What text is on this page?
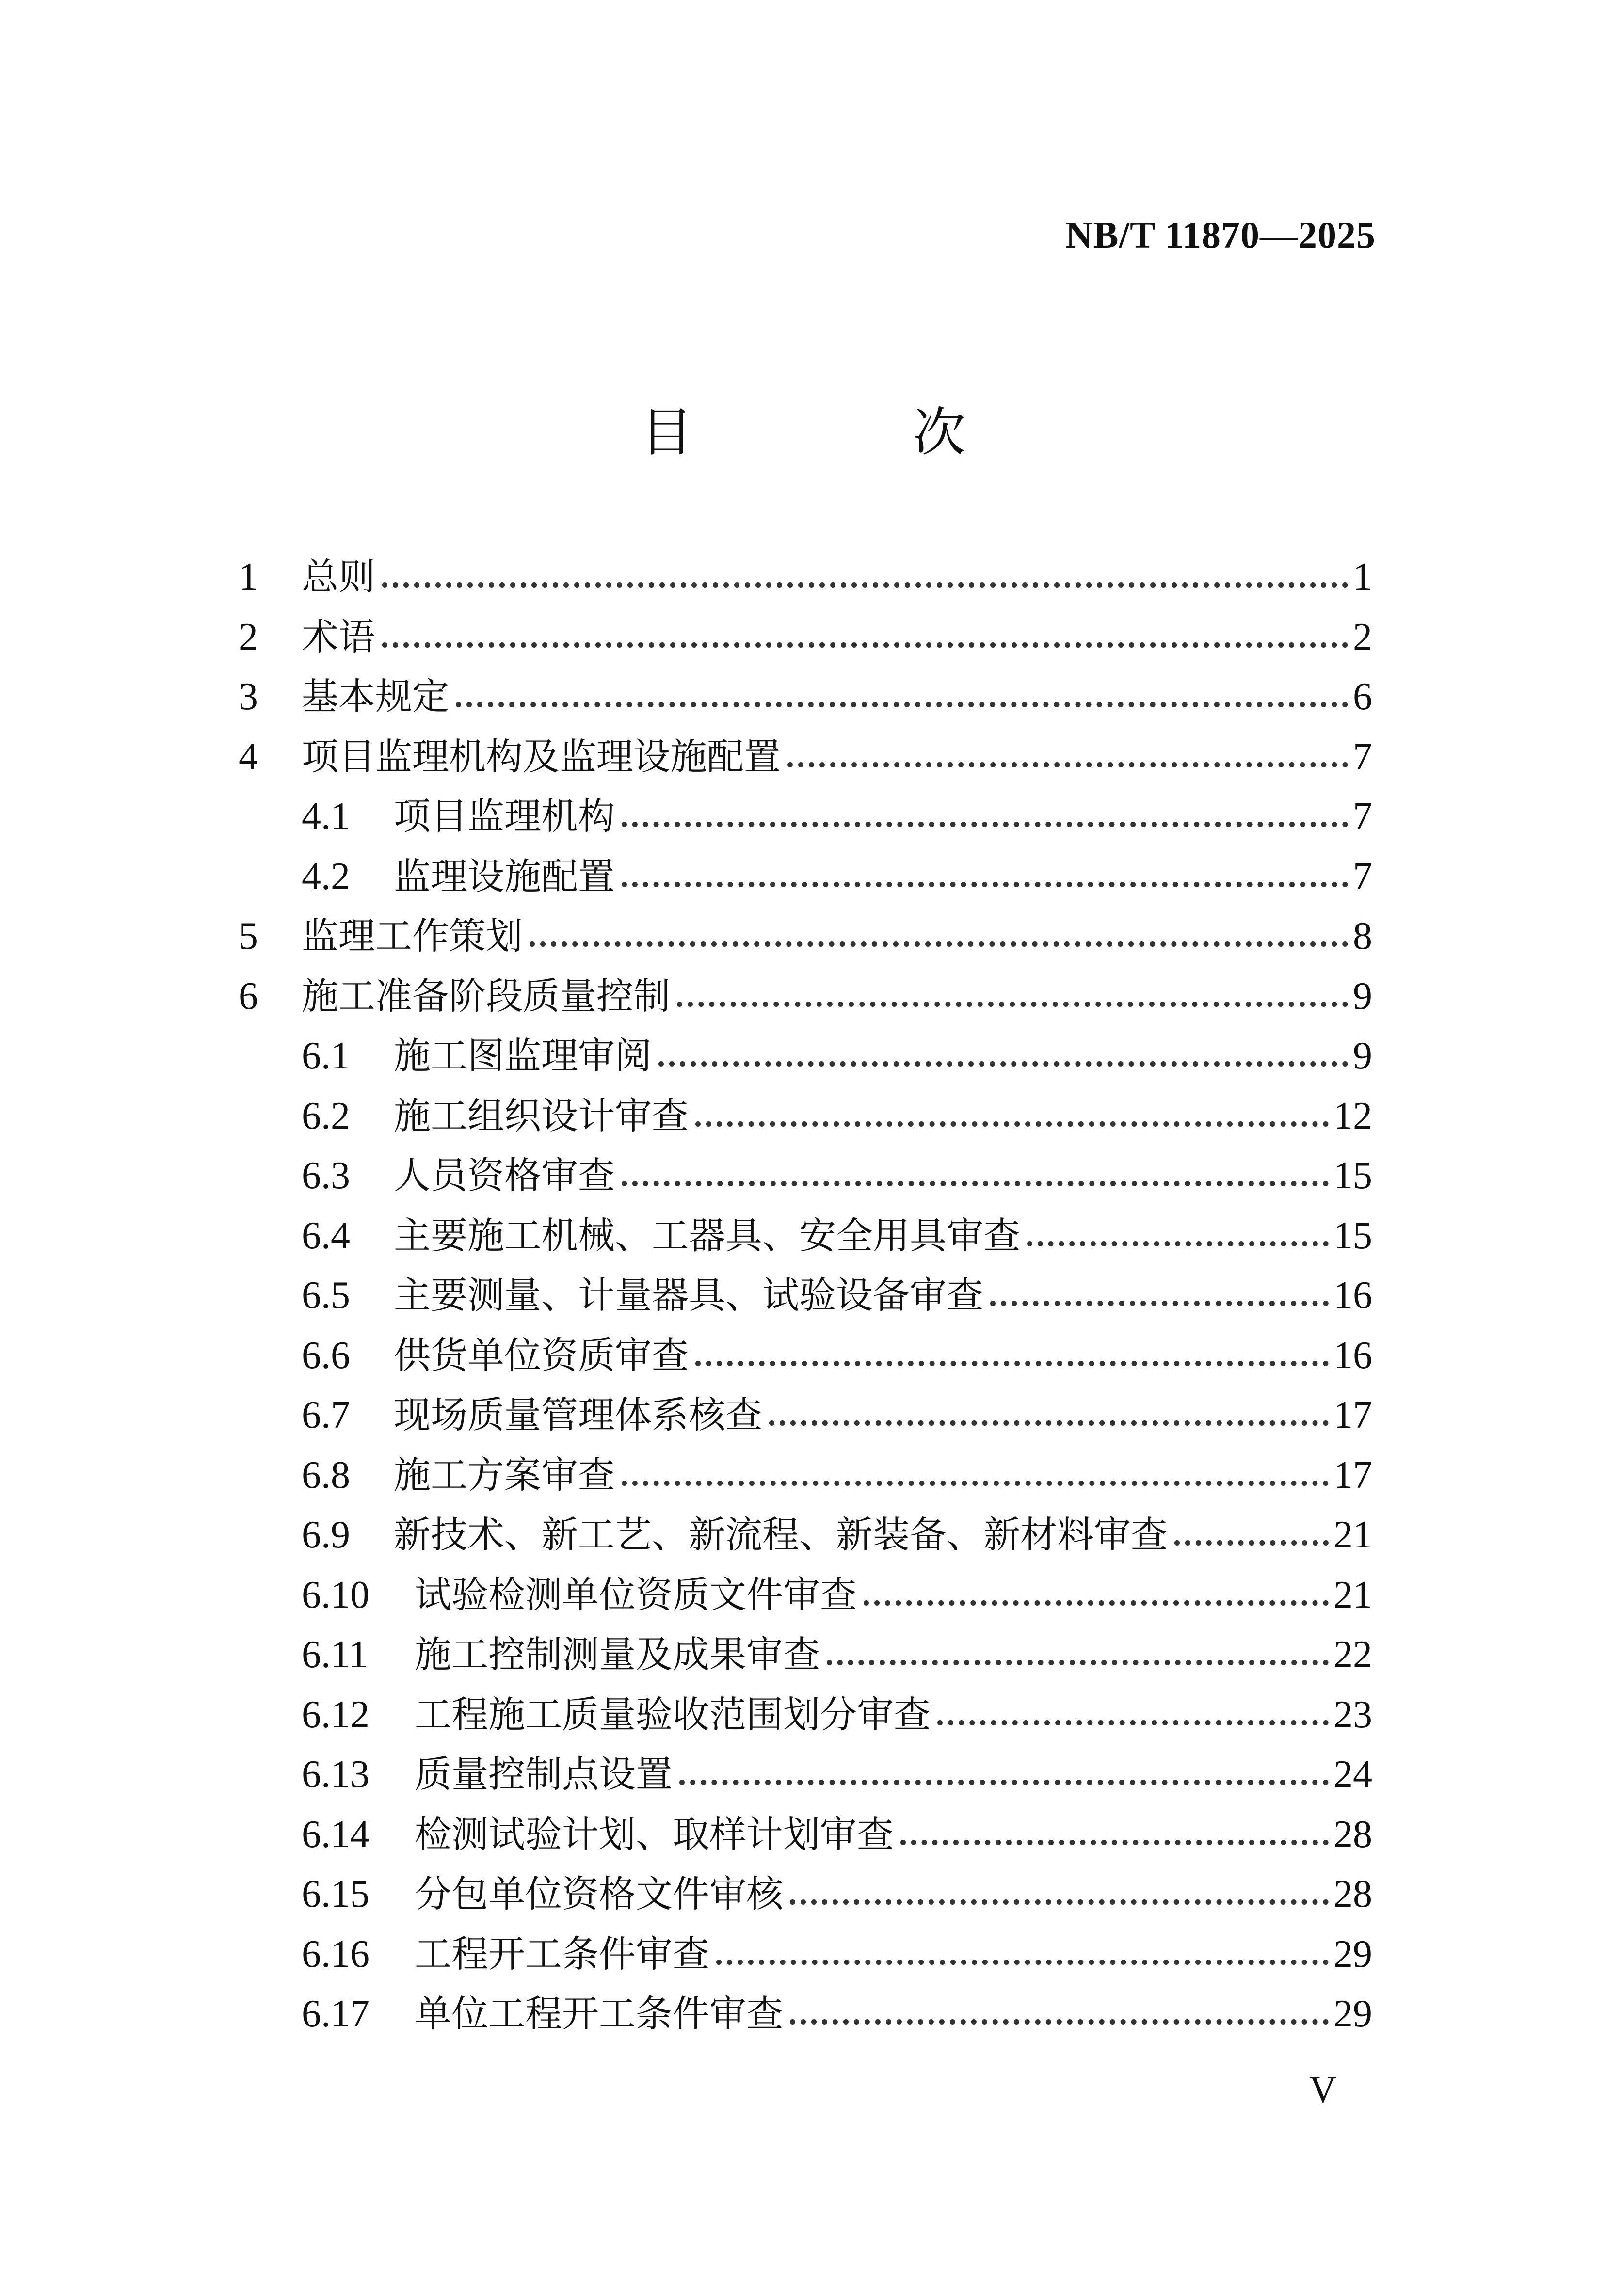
NB/T 11870—2025
目 次
1 总则	1
2 术语	2
3 基本规定	6
4 项目监理机构及监理设施配置	7
4.1 项目监理机构	7
4.2 监理设施配置	7
5 监理工作策划	8
6 施工准备阶段质量控制	9
6.1 施工图监理审阅	9
6.2 施工组织设计审查	12
6.3 人员资格审查	15
6.4 主要施工机械、工器具、安全用具审查	15
6.5 主要测量、计量器具、试验设备审查	16
6.6 供货单位资质审查	16
6.7 现场质量管理体系核查	17
6.8 施工方案审查	17
6.9 新技术、新工艺、新流程、新装备、新材料审查	21
6.10 试验检测单位资质文件审查	21
6.11 施工控制测量及成果审查	22
6.12 工程施工质量验收范围划分审查	23
6.13 质量控制点设置	24
6.14 检测试验计划、取样计划审查	28
6.15 分包单位资格文件审核	28
6.16 工程开工条件审查	29
6.17 单位工程开工条件审查	29
V
